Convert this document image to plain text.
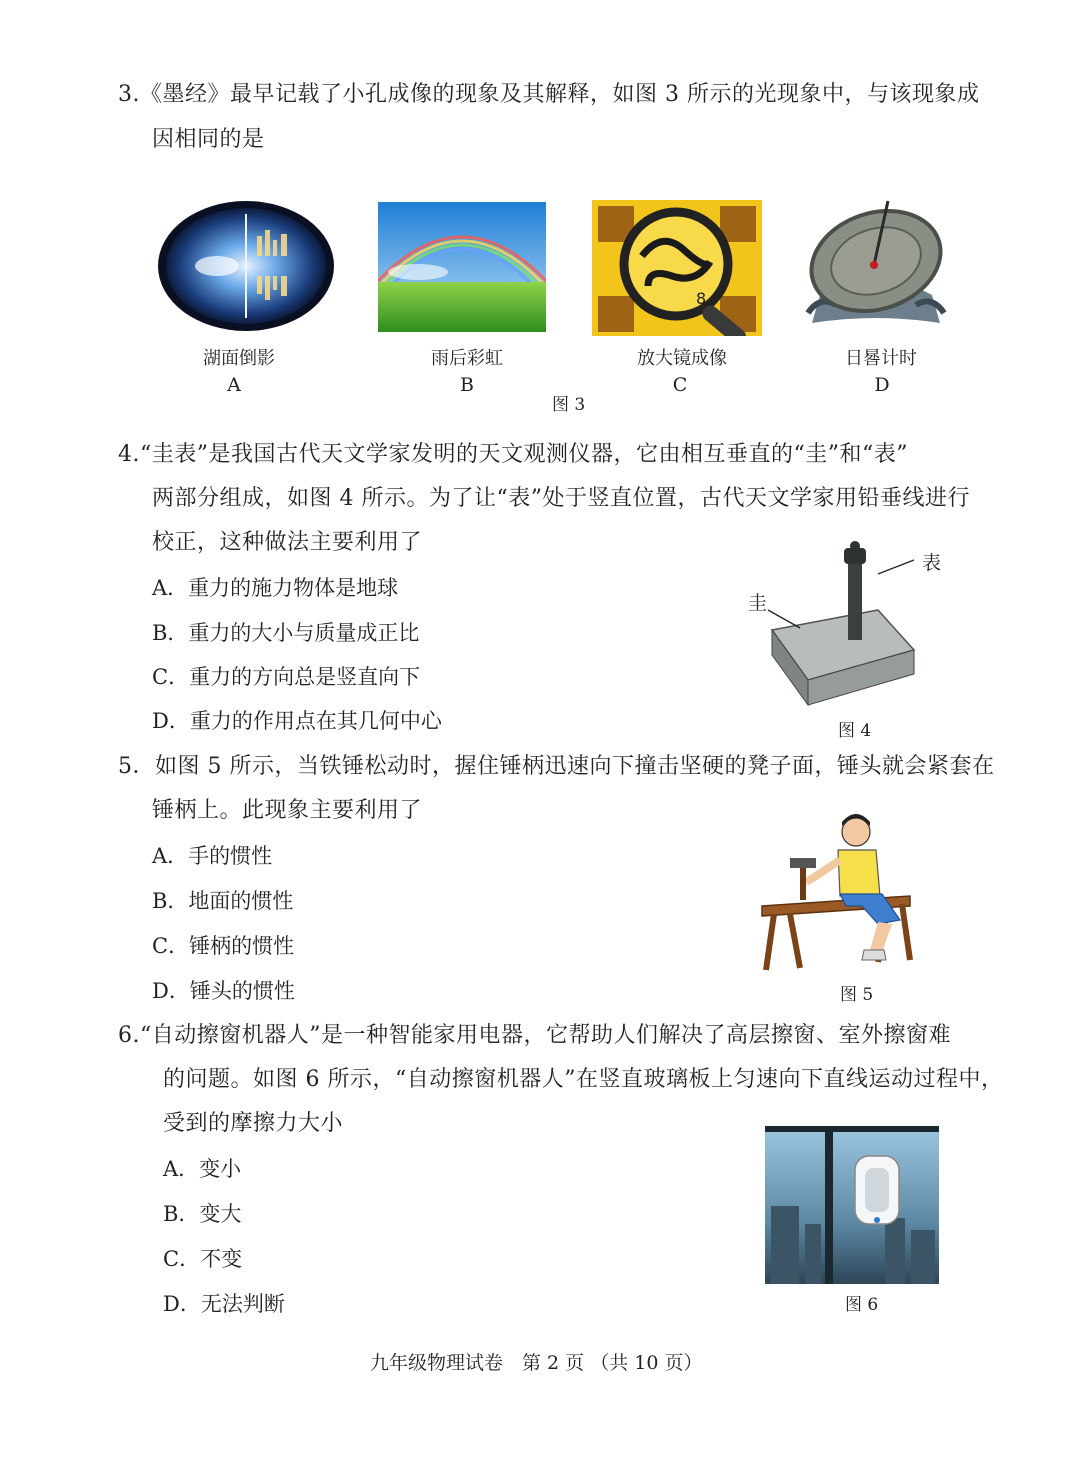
3.《墨经》最早记载了小孔成像的现象及其解释，如图 3 所示的光现象中，与该现象成
因相同的是
8
湖面倒影
A
雨后彩虹
B
放大镜成像
C
日晷计时
D
图 3
4.“圭表”是我国古代天文学家发明的天文观测仪器，它由相互垂直的“圭”和“表”
两部分组成，如图 4 所示。为了让“表”处于竖直位置，古代天文学家用铅垂线进行
校正，这种做法主要利用了
A．重力的施力物体是地球
B．重力的大小与质量成正比
C．重力的方向总是竖直向下
D．重力的作用点在其几何中心
表
圭
图 4
5．如图 5 所示，当铁锤松动时，握住锤柄迅速向下撞击坚硬的凳子面，锤头就会紧套在
锤柄上。此现象主要利用了
A．手的惯性
B．地面的惯性
C．锤柄的惯性
D．锤头的惯性	图 5
6.“自动擦窗机器人”是一种智能家用电器，它帮助人们解决了高层擦窗、室外擦窗难
的问题。如图 6 所示，“自动擦窗机器人”在竖直玻璃板上匀速向下直线运动过程中，
受到的摩擦力大小
A．变小
B．变大
C．不变
D．无法判断	图 6
九年级物理试卷　第 2 页 （共 10 页）
